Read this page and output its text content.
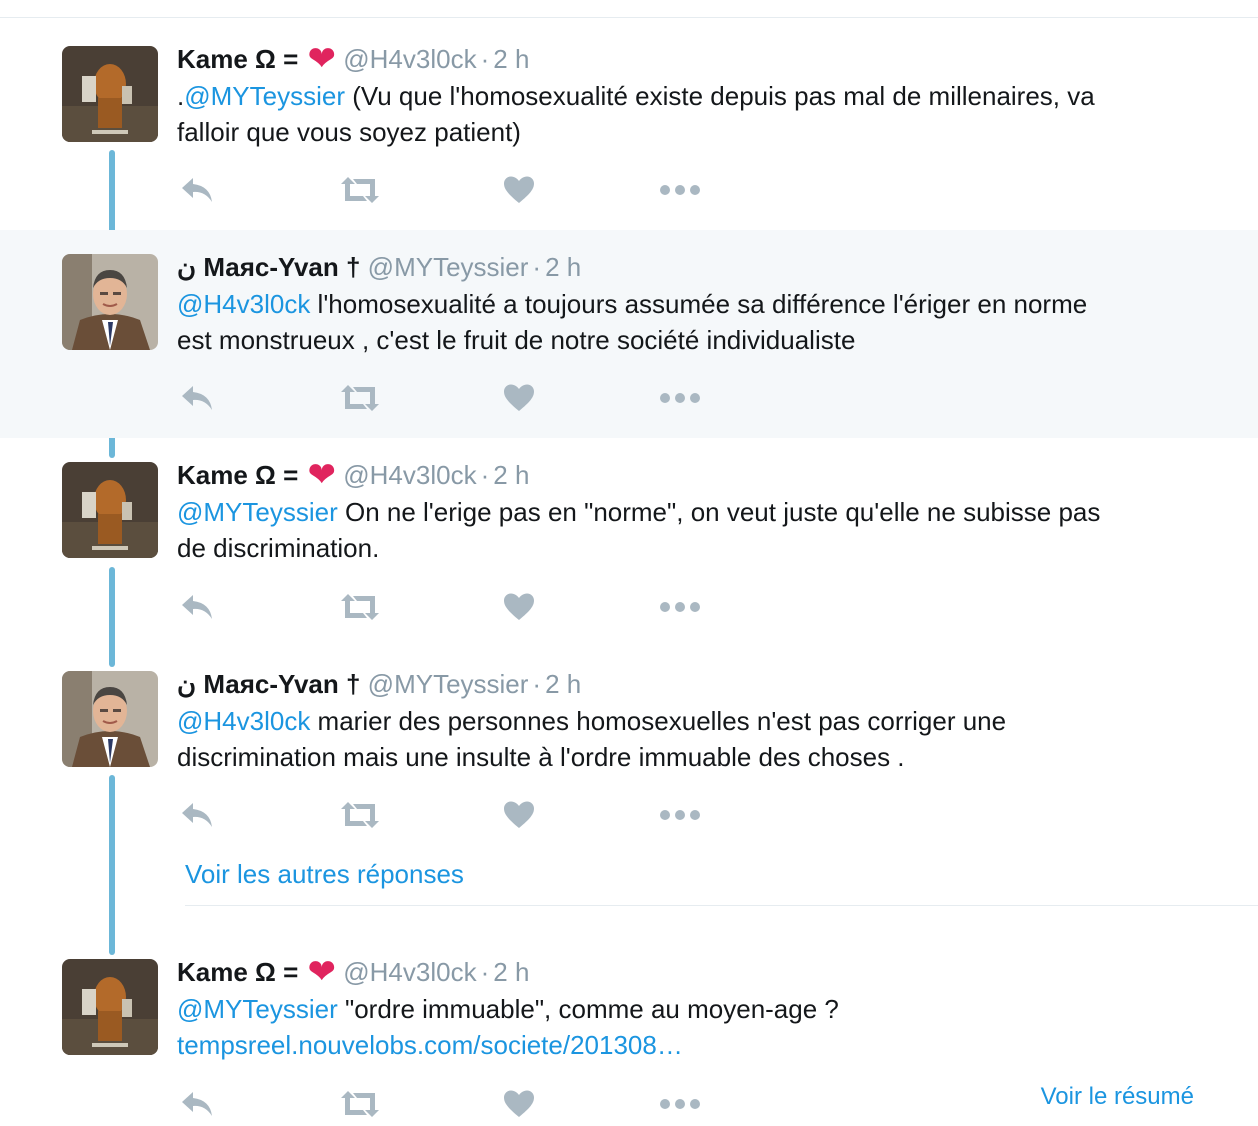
Kame Ω = ❤ @H4v3l0ck · 2 h
.@MYTeyssier (Vu que l'homosexualité existe depuis pas mal de millenaires, va
falloir que vous soyez patient)
ن Маяс-Yvan † @MYTeyssier · 2 h
@H4v3l0ck l'homosexualité a toujours assumée sa différence l'ériger en norme
est monstrueux , c'est le fruit de notre société individualiste
Kame Ω = ❤ @H4v3l0ck · 2 h
@MYTeyssier On ne l'erige pas en "norme", on veut juste qu'elle ne subisse pas
de discrimination.
ن Маяс-Yvan † @MYTeyssier · 2 h
@H4v3l0ck marier des personnes homosexuelles n'est pas corriger une
discrimination mais une insulte à l'ordre immuable des choses .
Voir les autres réponses
Kame Ω = ❤ @H4v3l0ck · 2 h
@MYTeyssier "ordre immuable", comme au moyen-age ?
tempsreel.nouvelobs.com/societe/201308…
Voir le résumé
